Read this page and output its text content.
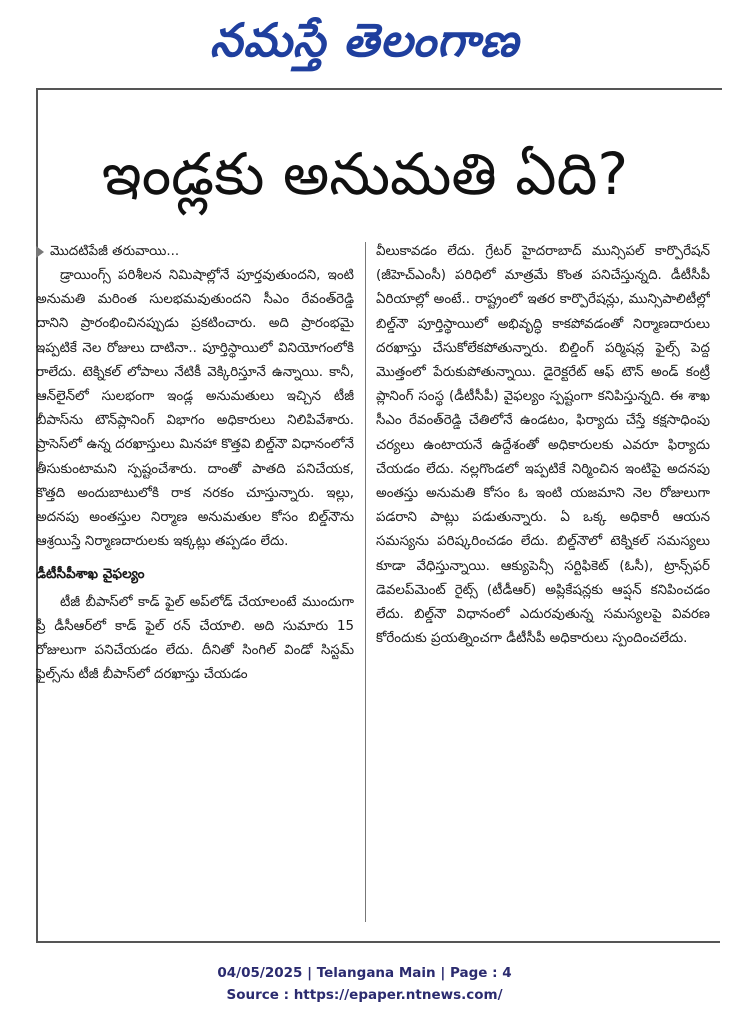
నమస్తే తెలంగాణ
ఇండ్లకు అనుమతి ఏది?
మొదటిపేజీ తరువాయి...

డ్రాయింగ్స్ పరిశీలన నిమిషాల్లోనే పూర్తవుతుందని, ఇంటి అనుమతి మరింత సులభమవుతుందని సీఎం రేవంత్‌రెడ్డి దానిని ప్రారంభించినప్పుడు ప్రకటించారు. అది ప్రారంభమై ఇప్పటికే నెల రోజులు దాటినా.. పూర్తిస్థాయిలో వినియోగంలోకి రాలేదు. టెక్నికల్ లోపాలు నేటికీ వెక్కిరిస్తూనే ఉన్నాయి. కానీ, ఆన్‌లైన్‌లో సులభంగా ఇండ్ల అనుమతులు ఇచ్చిన టీజీ బీపాస్‌ను టౌన్‌ప్లానింగ్ విభాగం అధికారులు నిలిపివేశారు. ప్రాసెస్‌లో ఉన్న దరఖాస్తులు మినహా కొత్తవి బిల్డ్‌నౌ విధానంలోనే తీసుకుంటామని స్పష్టంచేశారు. దాంతో పాతది పనిచేయక, కొత్తది అందుబాటులోకి రాక నరకం చూస్తున్నారు. ఇల్లు, అదనపు అంతస్తుల నిర్మాణ అనుమతుల కోసం బిల్డ్‌నౌను ఆశ్రయిస్తే నిర్మాణదారులకు ఇక్కట్లు తప్పడం లేదు.

డీటీసీపీశాఖ వైఫల్యం

టీజీ బీపాస్‌లో కాడ్ ఫైల్ అప్‌లోడ్ చేయాలంటే ముందుగా ప్రీ డీసీఆర్‌లో కాడ్ ఫైల్ రన్ చేయాలి. అది సుమారు 15 రోజులుగా పనిచేయడం లేదు. దీనితో సింగిల్ విండో సిస్టమ్ ఫైల్స్‌ను టీజీ బీపాస్‌లో దరఖాస్తు చేయడం

వీలుకావడం లేదు. గ్రేటర్ హైదరాబాద్ మున్సిపల్ కార్పొరేషన్ (జీహెచ్‌ఎంసీ) పరిధిలో మాత్రమే కొంత పనిచేస్తున్నది. డీటీసీపీ ఏరియాల్లో అంటే.. రాష్ట్రంలో ఇతర కార్పొరేషన్లు, మున్సిపాలిటీల్లో బిల్డ్‌నౌ పూర్తిస్థాయిలో అభివృద్ధి కాకపోవడంతో నిర్మాణదారులు దరఖాస్తు చేసుకోలేకపోతున్నారు. బిల్డింగ్ పర్మిషన్ల ఫైల్స్ పెద్ద మొత్తంలో పేరుకుపోతున్నాయి. డైరెక్టరేట్ ఆఫ్ టౌన్ అండ్ కంట్రీ ప్లానింగ్ సంస్థ (డీటీసీపీ) వైఫల్యం స్పష్టంగా కనిపిస్తున్నది. ఈ శాఖ సీఎం రేవంత్‌రెడ్డి చేతిలోనే ఉండటం, ఫిర్యాదు చేస్తే కక్షసాధింపు చర్యలు ఉంటాయనే ఉద్దేశంతో అధికారులకు ఎవరూ ఫిర్యాదు చేయడం లేదు. నల్లగొండలో ఇప్పటికే నిర్మించిన ఇంటిపై అదనపు అంతస్తు అనుమతి కోసం ఓ ఇంటి యజమాని నెల రోజులుగా పడరాని పాట్లు పడుతున్నారు. ఏ ఒక్క అధికారీ ఆయన సమస్యను పరిష్కరించడం లేదు. బిల్డ్‌నౌలో టెక్నికల్ సమస్యలు కూడా వేధిస్తున్నాయి. ఆక్యుపెన్సీ సర్టిఫికెట్ (ఓసీ), ట్రాన్స్‌ఫర్ డెవలప్‌మెంట్ రైట్స్ (టీడీఆర్) అప్లికేషన్లకు ఆప్షన్ కనిపించడం లేదు. బిల్డ్‌నౌ విధానంలో ఎదురవుతున్న సమస్యలపై వివరణ కోరేందుకు ప్రయత్నించగా డీటీసీపీ అధికారులు స్పందించలేదు.

04/05/2025 | Telangana Main | Page : 4
Source : https://epaper.ntnews.com/
